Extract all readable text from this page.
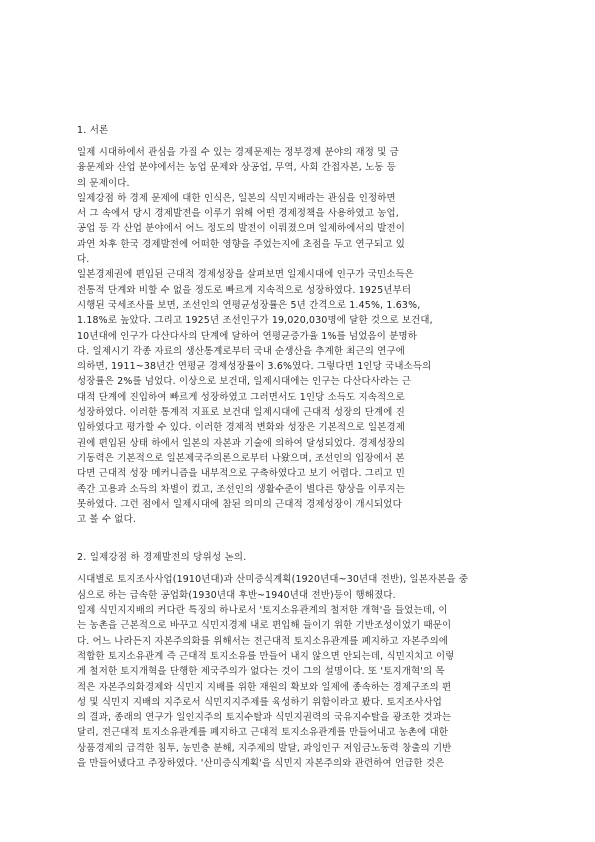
1. 서론
일제 시대하에서 관심을 가질 수 있는 경제문제는 정부경제 분야의 재정 및 금
융문제와 산업 분야에서는 농업 문제와 상공업, 무역, 사회 간접자본, 노동 등
의 문제이다.
일제강점 하 경제 문제에 대한 인식은, 일본의 식민지배라는 관심을 인정하면
서 그 속에서 당시 경제발전을 이루기 위해 어떤 경제정책을 사용하였고 농업,
공업 등 각 산업 분야에서 어느 정도의 발전이 이뤄졌으며 일제하에서의 발전이
과연 차후 한국 경제발전에 어떠한 영향을 주었는지에 초점을 두고 연구되고 있
다.
일본경제권에 편입된 근대적 경제성장을 살펴보면 일제시대에 인구가 국민소득은
전통적 단계와 비할 수 없을 정도로 빠르게 지속적으로 성장하였다. 1925년부터
시행된 국세조사를 보면, 조선인의 연평균성장률은 5년 간격으로 1.45%, 1.63%,
1.18%로 높았다. 그리고 1925년 조선인구가 19,020,030명에 달한 것으로 보건대,
10년대에 인구가 다산다사의 단계에 달하여 연평균증가율 1%를 넘었음이 분명하
다. 일제시기 각종 자료의 생산통계로부터 국내 순생산을 추계한 최근의 연구에
의하면, 1911~38년간 연평균 경제성장률이 3.6%였다. 그렇다면 1인당 국내소득의
성장률은 2%를 넘었다. 이상으로 보건대, 일제시대에는 인구는 다산다사라는 근
대적 단계에 진입하여 빠르게 성장하였고 그러면서도 1인당 소득도 지속적으로
성장하였다. 이러한 통계적 지표로 보건대 일제시대에 근대적 성장의 단계에 진
입하였다고 평가할 수 있다. 이러한 경제적 변화와 성장은 기본적으로 일본경제
권에 편입된 상태 하에서 일본의 자본과 기술에 의하여 달성되었다. 경제성장의
기동력은 기본적으로 일본제국주의론으로부터 나왔으며, 조선인의 입장에서 본
다면 근대적 성장 메커니즘을 내부적으로 구축하였다고 보기 어렵다. 그리고 민
족간 고용과 소득의 차별이 컸고, 조선인의 생활수준이 별다른 향상을 이루지는
못하였다. 그런 점에서 일제시대에 참된 의미의 근대적 경제성장이 개시되었다
고 볼 수 없다.
2. 일제강점 하 경제발전의 당위성 논의.
시대별로 토지조사사업(1910년대)과 산미증식계획(1920년대~30년대 전반), 일본자본을 중
심으로 하는 급속한 공업화(1930년대 후반~1940년대 전반)등이 행해졌다.
일제 식민지지배의 커다란 특징의 하나로서 '토지소유관계의 철저한 개혁'을 들었는데, 이
는 농촌을 근본적으로 바꾸고 식민지경제 내로 편입해 들이기 위한 기반조성이었기 때문이
다. 어느 나라든지 자본주의화를 위해서는 전근대적 토지소유관계를 폐지하고 자본주의에
적합한 토지소유관계 즉 근대적 토지소유를 만들어 내지 않으면 안되는데, 식민지치고 이렇
게 철저한 토지개혁을 단행한 제국주의가 없다는 것이 그의 설명이다. 또 '토지개혁'의 목
적은 자본주의화경제와 식민지 지배를 위한 재원의 확보와 일제에 종속하는 경제구조의 편
성 및 식민지 지배의 지주로서 식민지지주제를 육성하기 위함이라고 봤다. 토지조사사업
의 결과, 종래의 연구가 일인지주의 토지수탈과 식민지권력의 국유지수탈을 광조한 것과는
달리, 전근대적 토지소유관계를 폐지하고 근대적 토지소유관계를 만들어내고 농촌에 대한
상품경제의 급격한 침투, 농민층 분해, 지주제의 발달, 과잉인구 저임금노동력 창출의 기반
을 만들어냈다고 주장하였다. '산미증식계획'을 식민지 자본주의와 관련하여 언급한 것은
